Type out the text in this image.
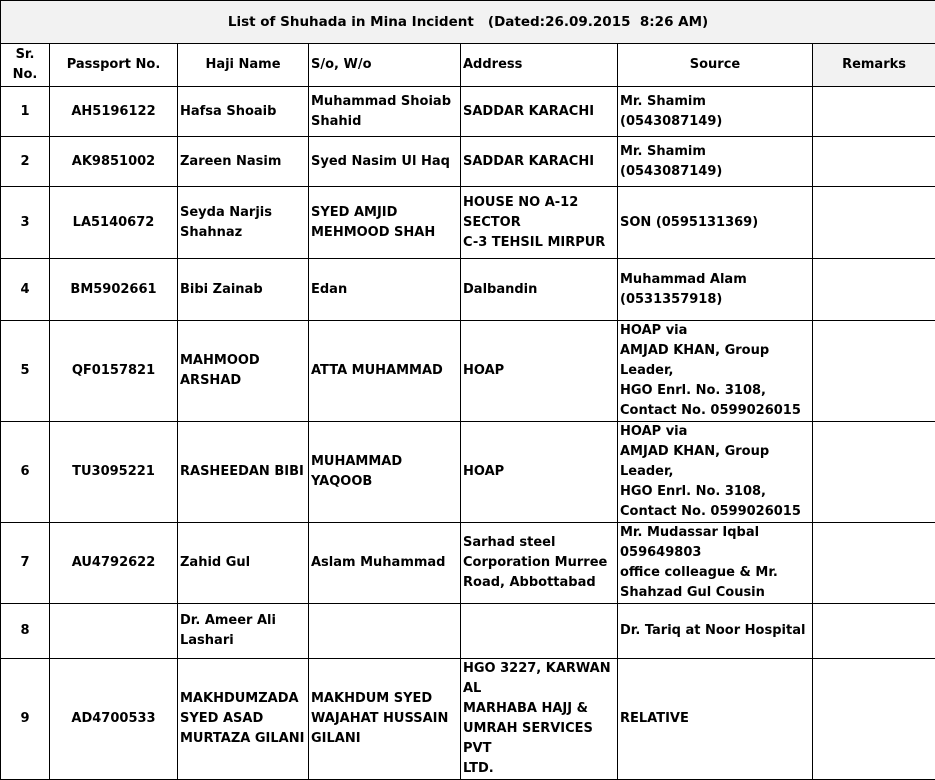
List of Shuhada in Mina Incident   (Dated:26.09.2015  8:26 AM)						
Sr. No.	Passport No.	Haji Name	S/o, W/o	Address	Source	Remarks
1	AH5196122	Hafsa Shoaib	Muhammad Shoiab
Shahid	SADDAR KARACHI	Mr. Shamim (0543087149)	
2	AK9851002	Zareen Nasim	Syed Nasim Ul Haq	SADDAR KARACHI	Mr. Shamim (0543087149)	
3	LA5140672	Seyda Narjis
Shahnaz	SYED AMJID
MEHMOOD SHAH	HOUSE NO A-12 SECTOR
C-3 TEHSIL MIRPUR	SON (0595131369)	
4	BM5902661	Bibi Zainab	Edan	Dalbandin	Muhammad Alam
(0531357918)	
5	QF0157821	MAHMOOD
ARSHAD	ATTA MUHAMMAD	HOAP	HOAP via
AMJAD KHAN, Group Leader,
HGO Enrl. No. 3108,
Contact No. 0599026015	
6	TU3095221	RASHEEDAN BIBI	MUHAMMAD YAQOOB	HOAP	HOAP via
AMJAD KHAN, Group Leader,
HGO Enrl. No. 3108,
Contact No. 0599026015	
7	AU4792622	Zahid Gul	Aslam Muhammad	Sarhad steel
Corporation Murree
Road, Abbottabad	Mr. Mudassar Iqbal 059649803
office colleague & Mr.
Shahzad Gul Cousin	
8		Dr. Ameer Ali
Lashari			Dr. Tariq at Noor Hospital	
9	AD4700533	MAKHDUMZADA
SYED ASAD
MURTAZA GILANI	MAKHDUM SYED
WAJAHAT HUSSAIN
GILANI	HGO 3227, KARWAN AL
MARHABA HAJJ &
UMRAH SERVICES PVT
LTD.	RELATIVE	
